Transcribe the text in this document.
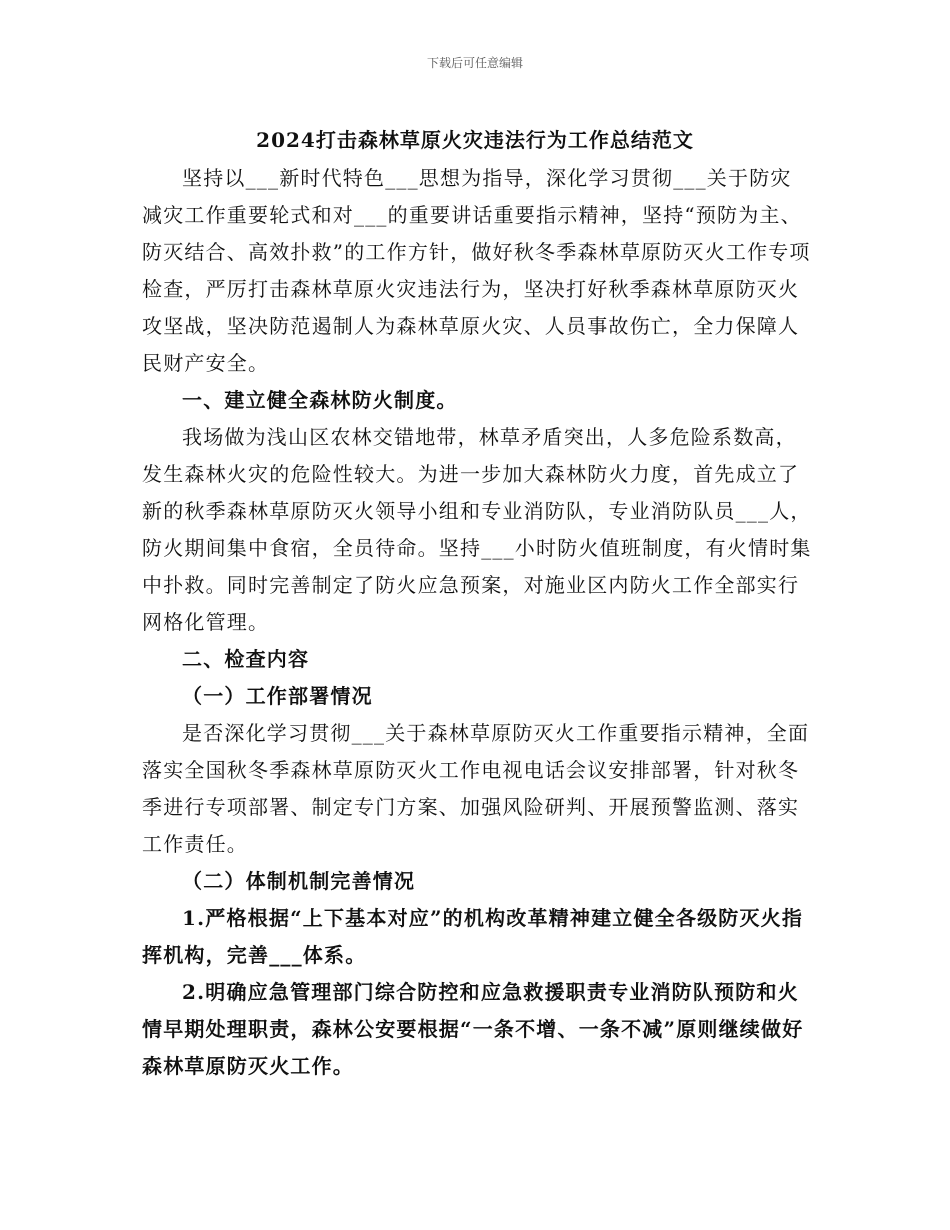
下载后可任意编辑
2024打击森林草原火灾违法行为工作总结范文

坚持以___新时代特色___思想为指导，深化学习贯彻___关于防灾减灾工作重要轮式和对___的重要讲话重要指示精神，坚持“预防为主、防灭结合、高效扑救”的工作方针，做好秋冬季森林草原防灭火工作专项检查，严厉打击森林草原火灾违法行为，坚决打好秋季森林草原防灭火攻坚战，坚决防范遏制人为森林草原火灾、人员事故伤亡，全力保障人民财产安全。

一、建立健全森林防火制度。

我场做为浅山区农林交错地带，林草矛盾突出，人多危险系数高，发生森林火灾的危险性较大。为进一步加大森林防火力度，首先成立了新的秋季森林草原防灭火领导小组和专业消防队，专业消防队员___人，防火期间集中食宿，全员待命。坚持___小时防火值班制度，有火情时集中扑救。同时完善制定了防火应急预案，对施业区内防火工作全部实行网格化管理。

二、检查内容

（一）工作部署情况

是否深化学习贯彻___关于森林草原防灭火工作重要指示精神，全面落实全国秋冬季森林草原防灭火工作电视电话会议安排部署，针对秋冬季进行专项部署、制定专门方案、加强风险研判、开展预警监测、落实工作责任。

（二）体制机制完善情况

1.严格根据“上下基本对应”的机构改革精神建立健全各级防灭火指挥机构，完善___体系。

2.明确应急管理部门综合防控和应急救援职责专业消防队预防和火情早期处理职责，森林公安要根据“一条不增、一条不减”原则继续做好森林草原防灭火工作。
